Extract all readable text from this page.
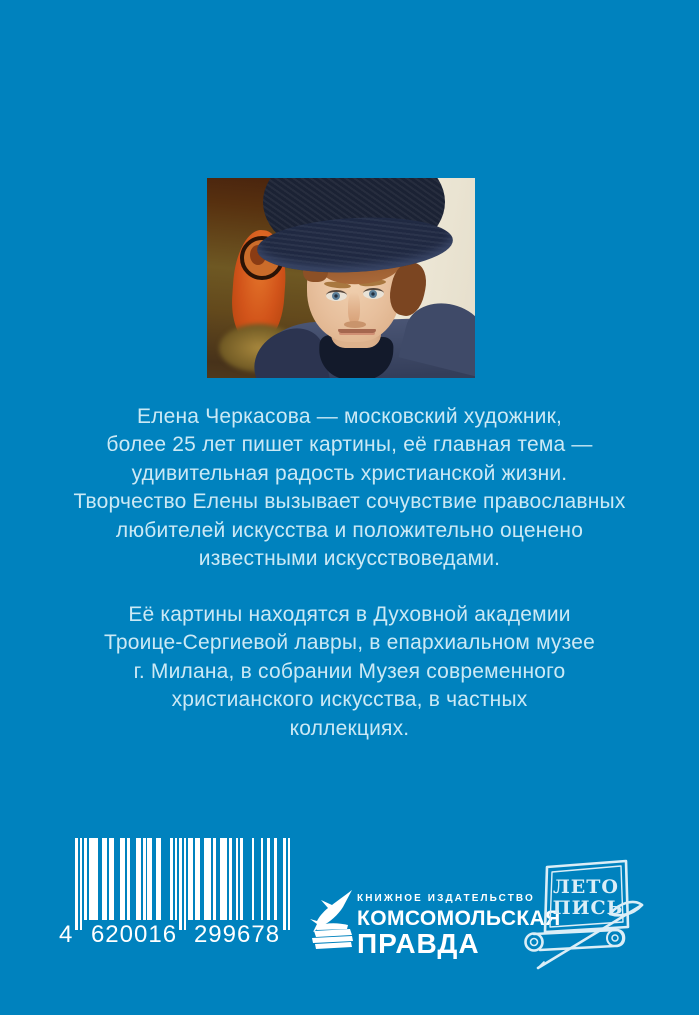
Елена Черкасова — московский художник,
более 25 лет пишет картины, её главная тема —
удивительная радость христианской жизни.
Творчество Елены вызывает сочувствие православных
любителей искусства и положительно оценено
известными искусствоведами.
Её картины находятся в Духовной академии
Троице-Сергиевой лавры, в епархиальном музее
г. Милана, в собрании Музея современного
христианского искусства, в частных
коллекциях.
4 620016 299678
КНИЖНОЕ ИЗДАТЕЛЬСТВО
КОМСОМОЛЬСКАЯ
ПРАВДА
ЛЕТО
ПИСЬ
